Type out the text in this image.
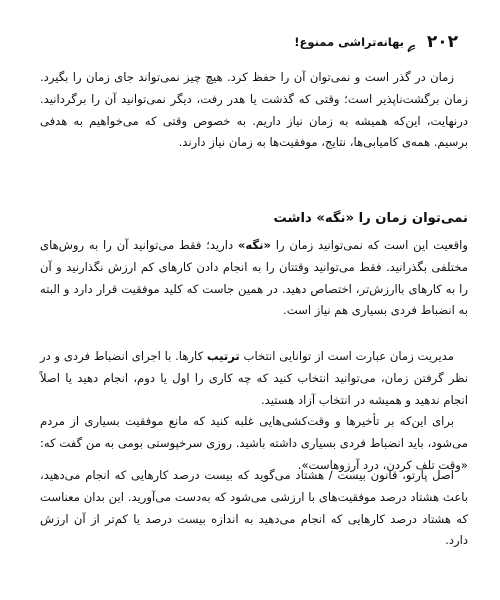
۲۰۲
بهانه‌تراشی ممنوع!
زمان در گذر است و نمی‌توان آن را حفظ کرد. هیچ چیز نمی‌تواند جای زمان را بگیرد. زمان برگشت‌ناپذیر است؛ وقتی که گذشت یا هدر رفت، دیگر نمی‌توانید آن را برگردانید. درنهایت، این‌که همیشه به زمان نیاز داریم. به خصوص وقتی که می‌خواهیم به هدفی برسیم. همه‌ی کامیابی‌ها، نتایج، موفقیت‌ها به زمان نیاز دارند.
نمی‌توان زمان را «نگه» داشت
واقعیت این است که نمی‌توانید زمان را «نگه» دارید؛ فقط می‌توانید آن را به روش‌های مختلفی بگذرانید. فقط می‌توانید وقتتان را به انجام دادن کارهای کم ارزش نگذارنید و آن را به کارهای باارزش‌تر، اختصاص دهید. در همین جاست که کلید موفقیت قرار دارد و البته به انضباط فردی بسیاری هم نیاز است.
مدیریت زمان عبارت است از توانایی انتخاب ترتیب کارها. با اجرای انضباط فردی و در نظر گرفتن زمان، می‌توانید انتخاب کنید که چه کاری را اول یا دوم، انجام دهید یا اصلاً انجام ندهید و همیشه در انتخاب آزاد هستید.
برای این‌که بر تأخیرها و وقت‌کشی‌هایی غلبه کنید که مانع موفقیت بسیاری از مردم می‌شود، باید انضباط فردی بسیاری داشته باشید. روزی سرخپوستی بومی به من گفت که: «وقت تلف کردن، درد آرزوهاست».
اصل پارتو، قانون بیست / هشتاد می‌گوید که بیست درصد کارهایی که انجام می‌دهید، باعث هشتاد درصد موفقیت‌های با ارزشی می‌شود که به‌دست می‌آورید. این بدان معناست که هشتاد درصد کارهایی که انجام می‌دهید به اندازه بیست درصد یا کم‌تر از آن ارزش دارد.
